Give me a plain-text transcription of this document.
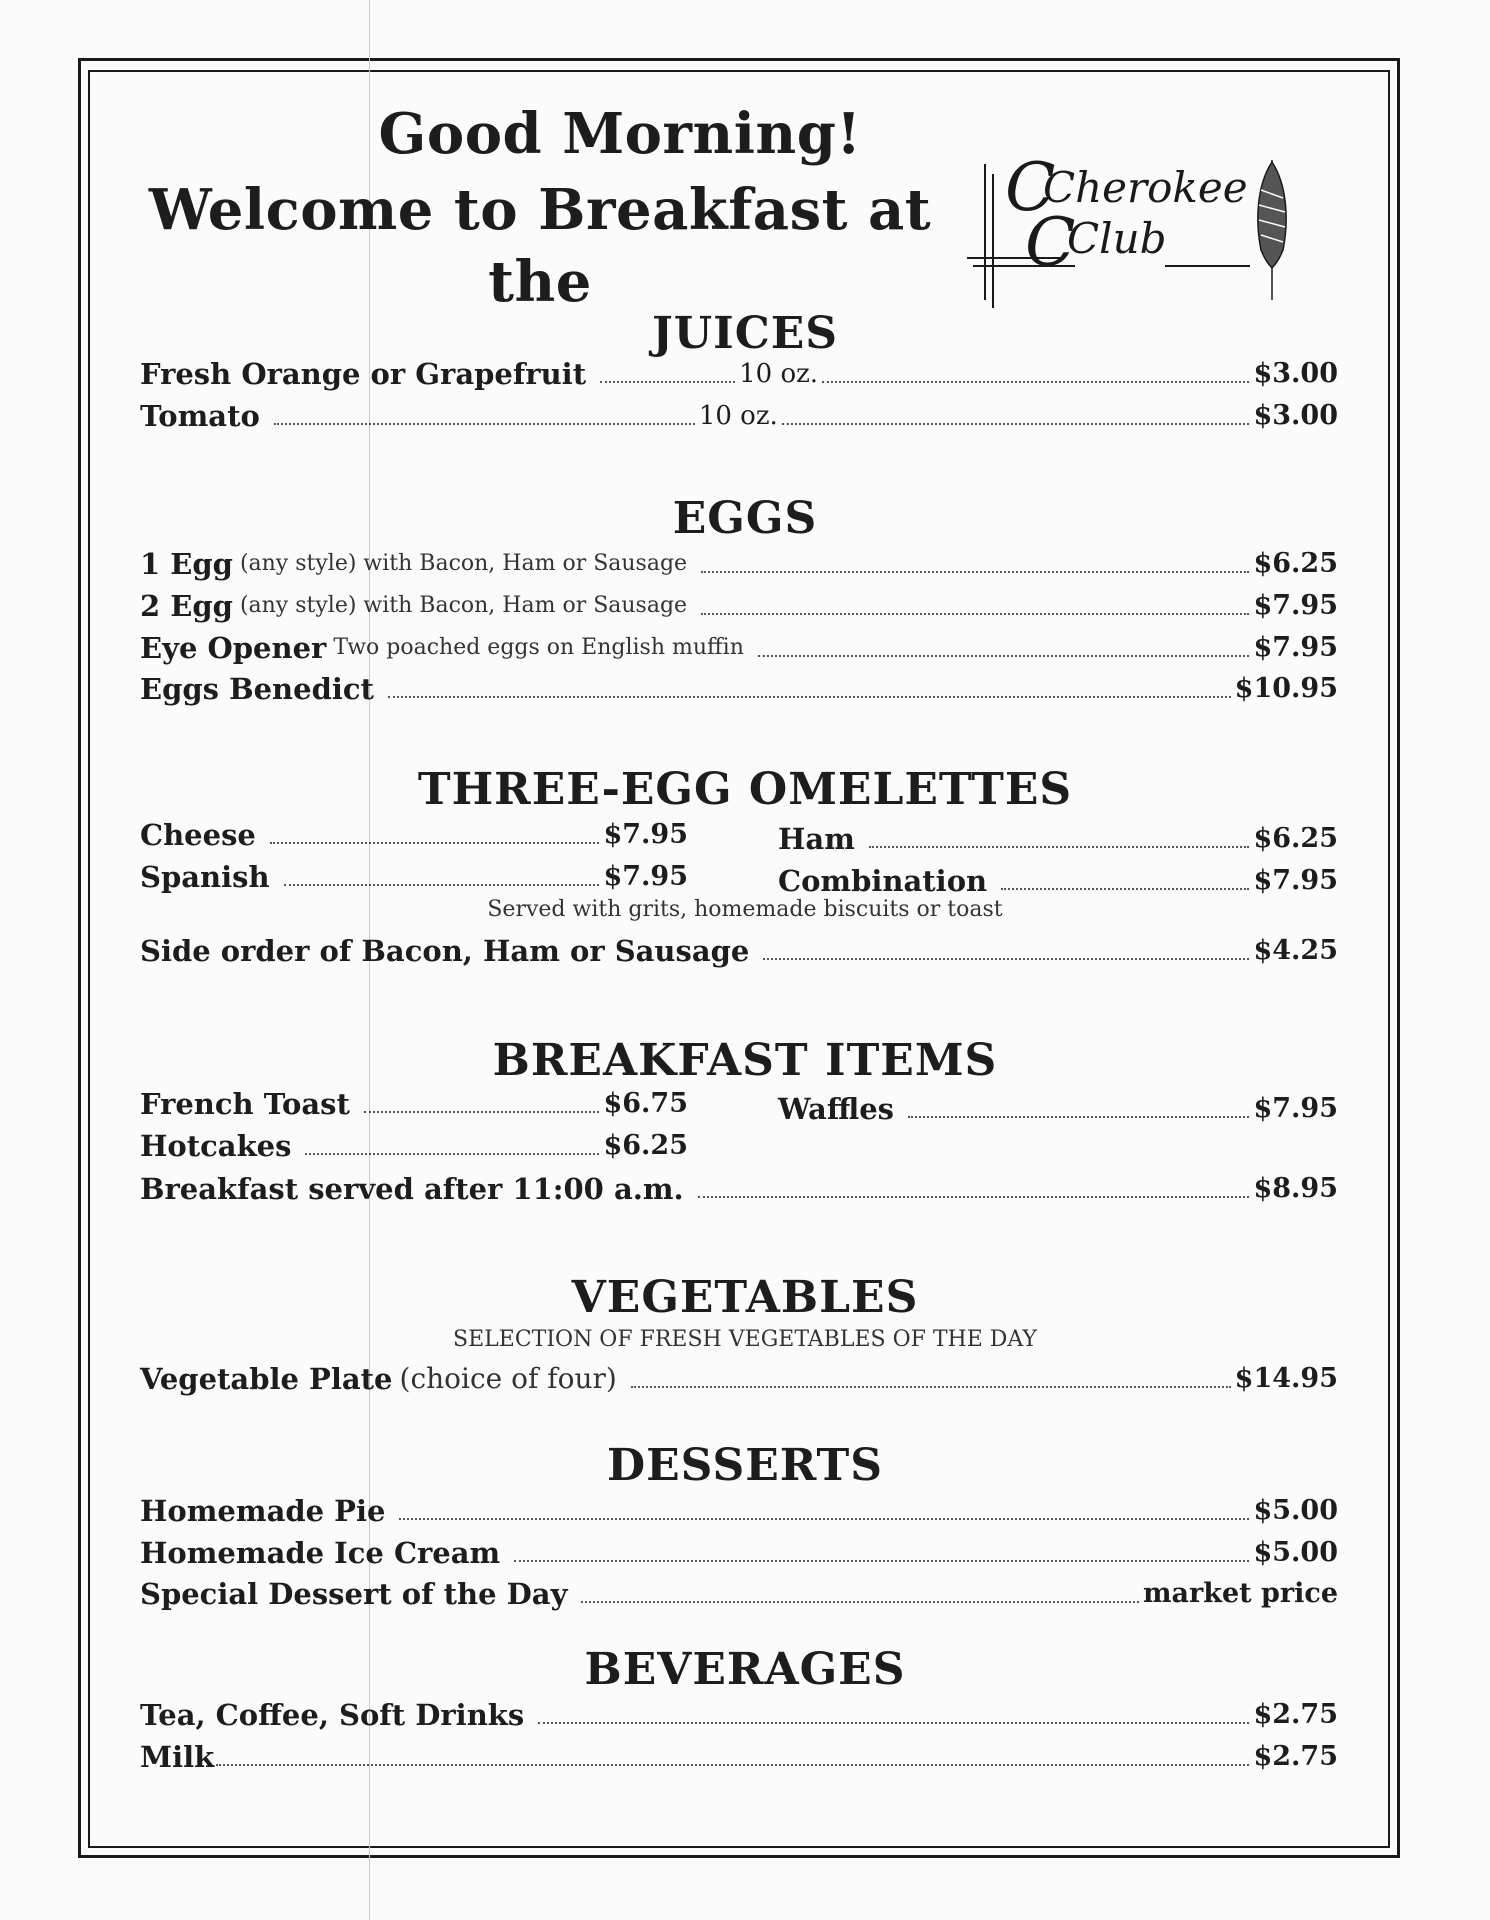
Good Morning!
Welcome to Breakfast at the
C
Cherokee
C
Club
JUICES
Fresh Orange or Grapefruit	10 oz.	$3.00
Tomato	10 oz.	$3.00
EGGS
1 Egg (any style) with Bacon, Ham or Sausage	$6.25
2 Egg (any style) with Bacon, Ham or Sausage	$7.95
Eye Opener Two poached eggs on English muffin	$7.95
Eggs Benedict	$10.95
THREE-EGG OMELETTES
Cheese	$7.95
Spanish	$7.95
Ham	$6.25
Combination	$7.95
Served with grits, homemade biscuits or toast
Side order of Bacon, Ham or Sausage	$4.25
BREAKFAST ITEMS
French Toast	$6.75
Hotcakes	$6.25
Waffles	$7.95
Breakfast served after 11:00 a.m.	$8.95
VEGETABLES
SELECTION OF FRESH VEGETABLES OF THE DAY
Vegetable Plate (choice of four)	$14.95
DESSERTS
Homemade Pie	$5.00
Homemade Ice Cream	$5.00
Special Dessert of the Day	market price
BEVERAGES
Tea, Coffee, Soft Drinks	$2.75
Milk	$2.75
